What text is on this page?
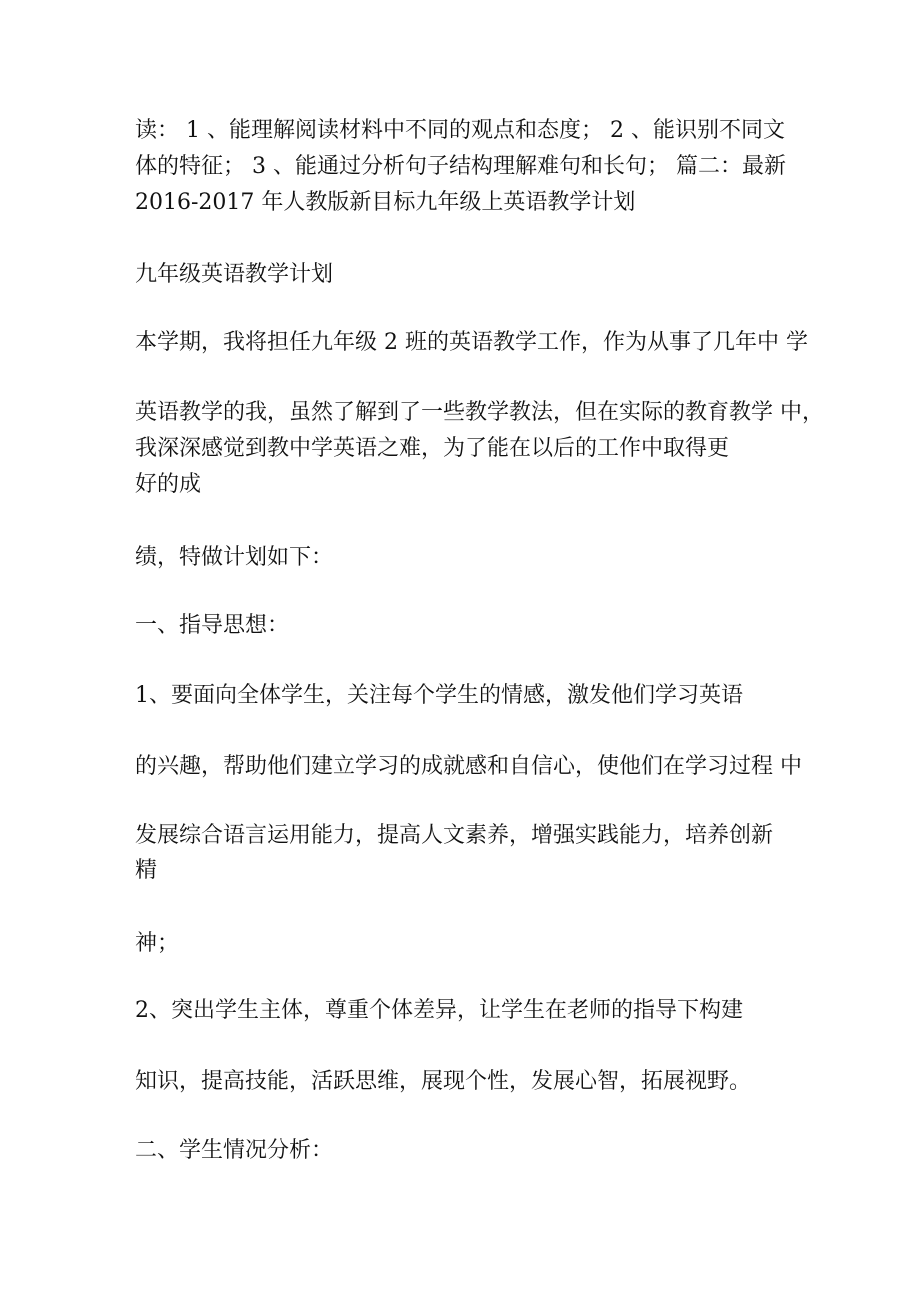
读： 1 、能理解阅读材料中不同的观点和态度； 2 、能识别不同文
体的特征； 3 、能通过分析句子结构理解难句和长句； 篇二：最新
2016-2017 年人教版新目标九年级上英语教学计划
九年级英语教学计划
本学期，我将担任九年级 2 班的英语教学工作，作为从事了几年中 学
英语教学的我，虽然了解到了一些教学教法，但在实际的教育教学 中，
我深深感觉到教中学英语之难，为了能在以后的工作中取得更
好的成
绩，特做计划如下：
一、指导思想：
1、要面向全体学生，关注每个学生的情感，激发他们学习英语
的兴趣，帮助他们建立学习的成就感和自信心，使他们在学习过程 中
发展综合语言运用能力，提高人文素养，增强实践能力，培养创新
精
神；
2、突出学生主体，尊重个体差异，让学生在老师的指导下构建
知识，提高技能，活跃思维，展现个性，发展心智，拓展视野。
二、学生情况分析：
